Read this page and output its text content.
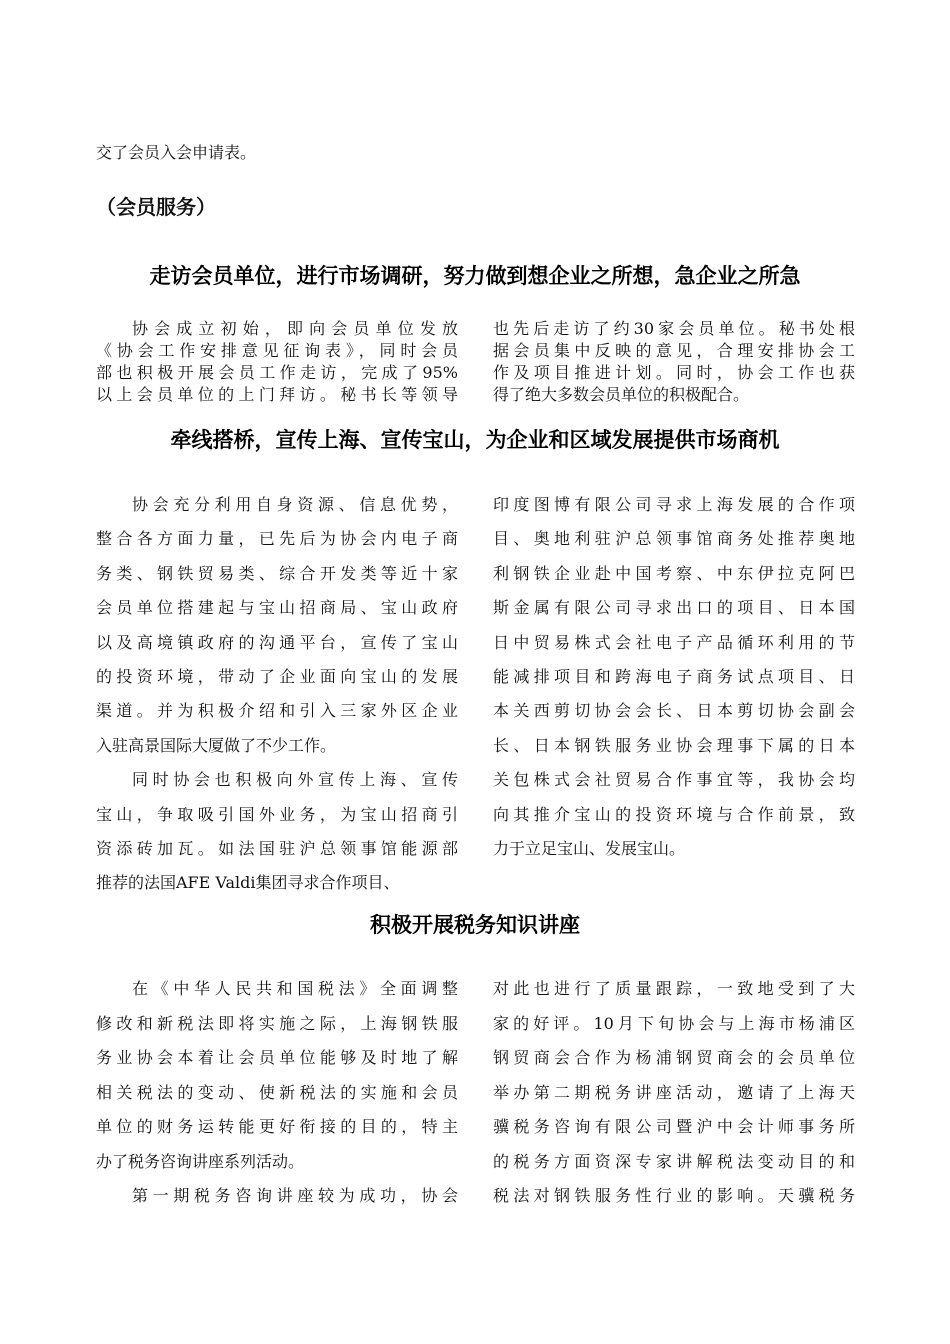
交了会员入会申请表。
（会员服务）
走访会员单位，进行市场调研，努力做到想企业之所想，急企业之所急
协会成立初始，即向会员单位发放
《协会工作安排意见征询表》，同时会员
部也积极开展会员工作走访，完成了95%
以上会员单位的上门拜访。秘书长等领导
也先后走访了约30家会员单位。秘书处根
据会员集中反映的意见，合理安排协会工
作及项目推进计划。同时，协会工作也获
得了绝大多数会员单位的积极配合。
牵线搭桥，宣传上海、宣传宝山，为企业和区域发展提供市场商机
协会充分利用自身资源、信息优势，
整合各方面力量，已先后为协会内电子商
务类、钢铁贸易类、综合开发类等近十家
会员单位搭建起与宝山招商局、宝山政府
以及高境镇政府的沟通平台，宣传了宝山
的投资环境，带动了企业面向宝山的发展
渠道。并为积极介绍和引入三家外区企业
入驻高景国际大厦做了不少工作。
同时协会也积极向外宣传上海、宣传
宝山，争取吸引国外业务，为宝山招商引
资添砖加瓦。如法国驻沪总领事馆能源部
推荐的法国AFE Valdi集团寻求合作项目、
印度图博有限公司寻求上海发展的合作项
目、奥地利驻沪总领事馆商务处推荐奥地
利钢铁企业赴中国考察、中东伊拉克阿巴
斯金属有限公司寻求出口的项目、日本国
日中贸易株式会社电子产品循环利用的节
能减排项目和跨海电子商务试点项目、日
本关西剪切协会会长、日本剪切协会副会
长、日本钢铁服务业协会理事下属的日本
关包株式会社贸易合作事宜等，我协会均
向其推介宝山的投资环境与合作前景，致
力于立足宝山、发展宝山。
积极开展税务知识讲座
在《中华人民共和国税法》全面调整
修改和新税法即将实施之际，上海钢铁服
务业协会本着让会员单位能够及时地了解
相关税法的变动、使新税法的实施和会员
单位的财务运转能更好衔接的目的，特主
办了税务咨询讲座系列活动。
第一期税务咨询讲座较为成功，协会
对此也进行了质量跟踪，一致地受到了大
家的好评。10月下旬协会与上海市杨浦区
钢贸商会合作为杨浦钢贸商会的会员单位
举办第二期税务讲座活动，邀请了上海天
骥税务咨询有限公司暨沪中会计师事务所
的税务方面资深专家讲解税法变动目的和
税法对钢铁服务性行业的影响。天骥税务
